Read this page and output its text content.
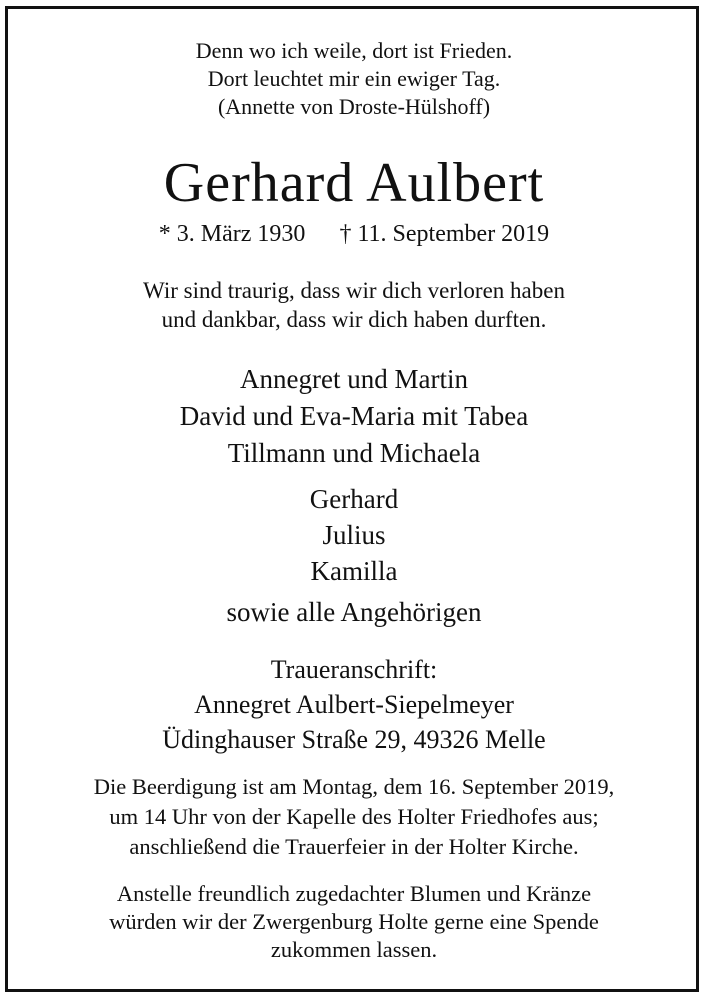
Denn wo ich weile, dort ist Frieden.
Dort leuchtet mir ein ewiger Tag.
(Annette von Droste-Hülshoff)
Gerhard Aulbert
* 3. März 1930 † 11. September 2019
Wir sind traurig, dass wir dich verloren haben
und dankbar, dass wir dich haben durften.
Annegret und Martin
David und Eva-Maria mit Tabea
Tillmann und Michaela
Gerhard
Julius
Kamilla
sowie alle Angehörigen
Traueranschrift:
Annegret Aulbert-Siepelmeyer
Üdinghauser Straße 29, 49326 Melle
Die Beerdigung ist am Montag, dem 16. September 2019,
um 14 Uhr von der Kapelle des Holter Friedhofes aus;
anschließend die Trauerfeier in der Holter Kirche.
Anstelle freundlich zugedachter Blumen und Kränze
würden wir der Zwergenburg Holte gerne eine Spende
zukommen lassen.
